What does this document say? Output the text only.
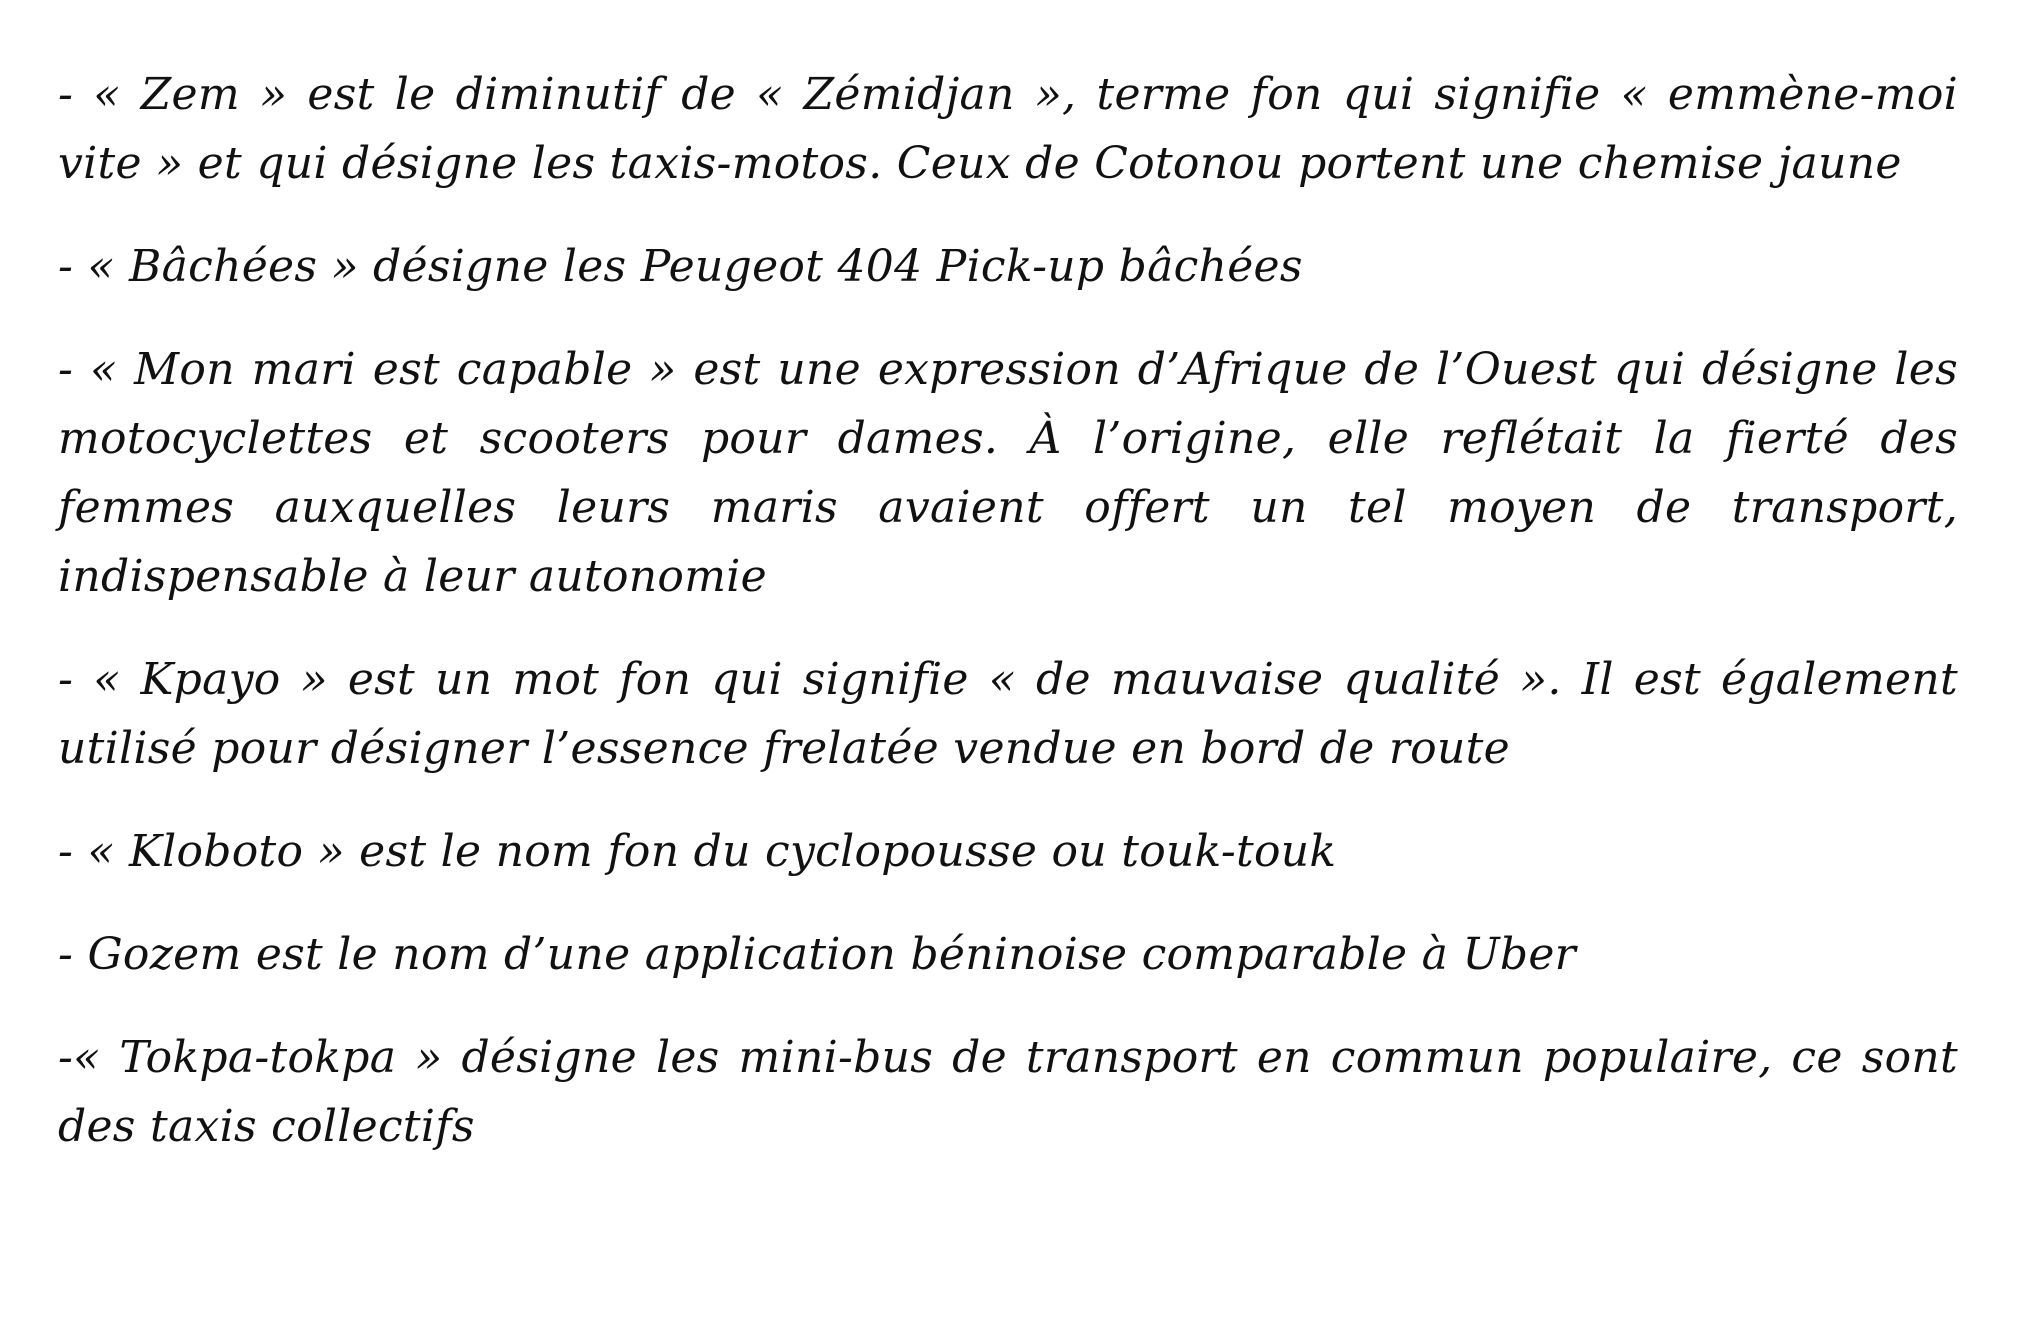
- « Zem » est le diminutif de « Zémidjan », terme fon qui signifie « emmène-moi vite » et qui désigne les taxis-motos. Ceux de Cotonou portent une chemise jaune

- « Bâchées » désigne les Peugeot 404 Pick-up bâchées

- « Mon mari est capable » est une expression d’Afrique de l’Ouest qui désigne les motocyclettes et scooters pour dames. À l’origine, elle reflétait la fierté des femmes auxquelles leurs maris avaient offert un tel moyen de transport, indispensable à leur autonomie

- « Kpayo » est un mot fon qui signifie « de mauvaise qualité ». Il est également utilisé pour désigner l’essence frelatée vendue en bord de route

- « Kloboto » est le nom fon du cyclopousse ou touk-touk

- Gozem est le nom d’une application béninoise comparable à Uber

-« Tokpa-tokpa » désigne les mini-bus de transport en commun populaire, ce sont des taxis collectifs
